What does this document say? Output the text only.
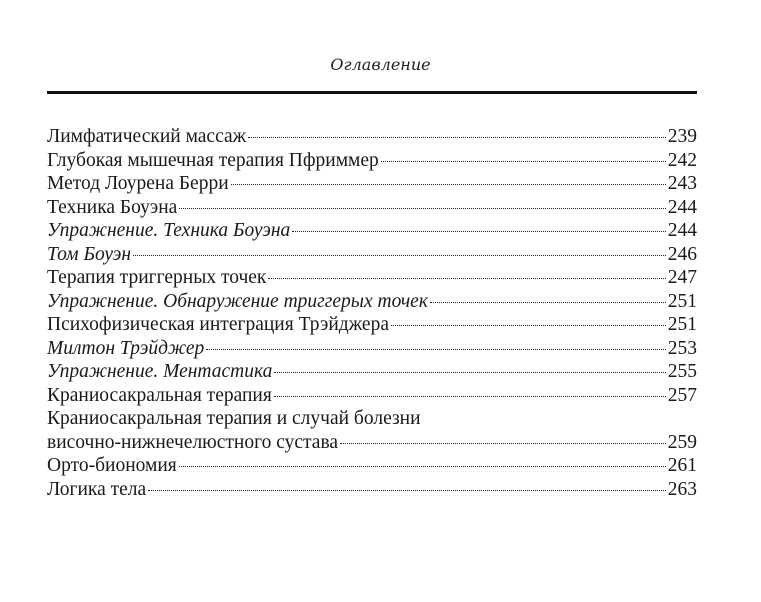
Оглавление
Лимфатический массаж	239
Глубокая мышечная терапия Пфриммер	242
Метод Лоурена Берри	243
Техника Боуэна	244
Упражнение. Техника Боуэна	244
Том Боуэн	246
Терапия триггерных точек	247
Упражнение. Обнаружение триггерых точек	251
Психофизическая интеграция Трэйджера	251
Милтон Трэйджер	253
Упражнение. Ментастика	255
Краниосакральная терапия	257
Краниосакральная терапия и случай болезни
височно-нижнечелюстного сустава	259
Орто-биономия	261
Логика тела	263
